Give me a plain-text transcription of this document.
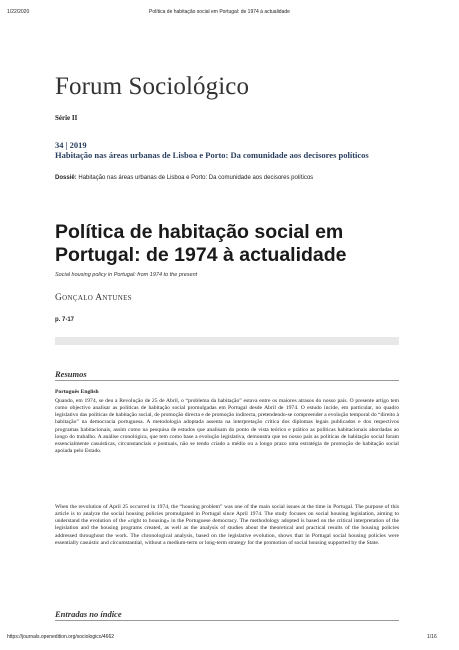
1/22/2020	Política de habitação social em Portugal: de 1974 à actualidade
Forum Sociológico
Série II
34 | 2019
Habitação nas áreas urbanas de Lisboa e Porto: Da comunidade aos decisores políticos
Dossiê: Habitação nas áreas urbanas de Lisboa e Porto: Da comunidade aos decisores políticos
Política de habitação social em Portugal: de 1974 à actualidade
Social housing policy in Portugal: from 1974 to the present
Gonçalo Antunes
p. 7-17
Resumos
Português English
Quando, em 1974, se deu a Revolução de 25 de Abril, o “problema da habitação” estava entre os maiores atrasos do nosso país. O presente artigo tem como objectivo analisar as políticas de habitação social promulgadas em Portugal desde Abril de 1974. O estudo incide, em particular, no quadro legislativo das políticas de habitação social, de promoção directa e de promoção indirecta, pretendendo-se compreender a evolução temporal do “direito à habitação” na democracia portuguesa. A metodologia adoptada assenta na interpretação crítica dos diplomas legais publicados e dos respectivos programas habitacionais, assim como na pesquisa de estudos que analisam do ponto de vista teórico e prático as políticas habitacionais abordadas ao longo do trabalho. A análise cronológica, que tem como base a evolução legislativa, demonstra que no nosso país as políticas de habitação social foram essencialmente casuísticas, circunstanciais e pontuais, não se tendo criado a médio ou a longo prazo uma estratégia de promoção de habitação social apoiada pelo Estado.
When the revolution of April 25 occurred in 1974, the “housing problem” was one of the main social issues at the time in Portugal. The purpose of this article is to analyze the social housing policies promulgated in Portugal since April 1974. The study focuses on social housing legislation, aiming to understand the evolution of the «right to housing» in the Portuguese democracy. The methodology adopted is based on the critical interpretation of the legislation and the housing programs created, as well as the analysis of studies about the theoretical and practical results of the housing policies addressed throughout the work. The chronological analysis, based on the legislative evolution, shows that in Portugal social housing policies were essentially casuistic and circumstantial, without a medium-term or long-term strategy for the promotion of social housing supported by the State.
Entradas no índice
https://journals.openedition.org/sociologico/4662	1/16
